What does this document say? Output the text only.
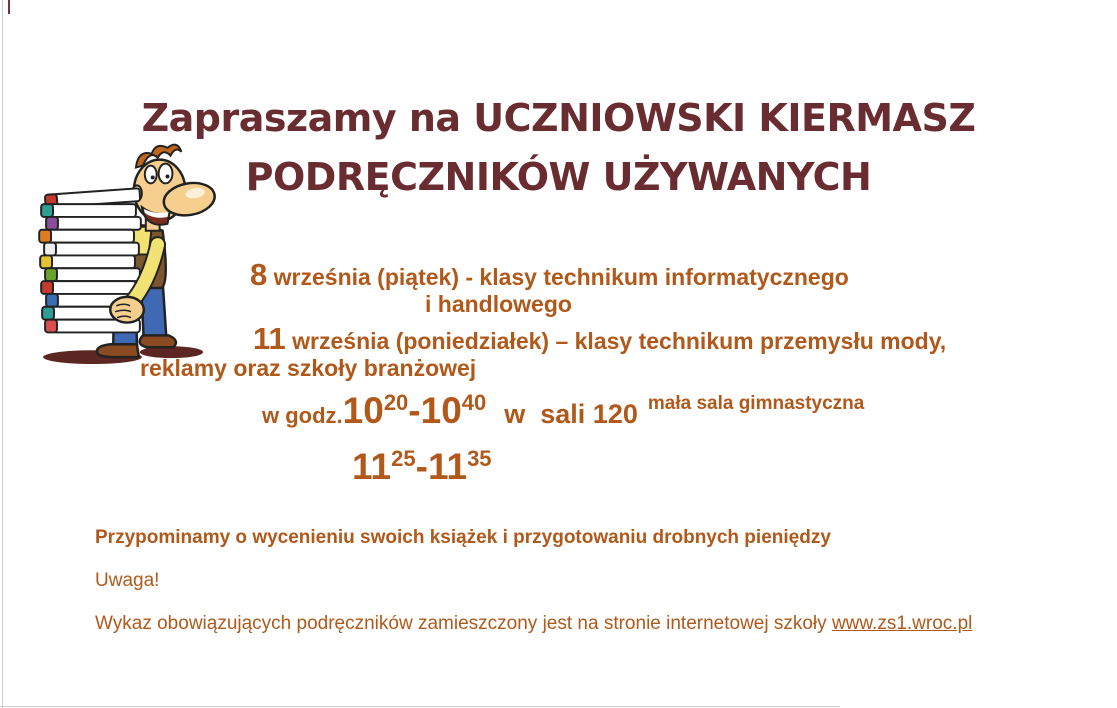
Zapraszamy na UCZNIOWSKI KIERMASZ
PODRĘCZNIKÓW UŻYWANYCH
8 września (piątek) - klasy technikum informatycznego
i handlowego
11 września (poniedziałek) – klasy technikum przemysłu mody,
reklamy oraz szkoły branżowej
w godz.1020-1040 w  sali 120 mała sala gimnastyczna
1125-1135
Przypominamy o wycenieniu swoich książek i przygotowaniu drobnych pieniędzy
Uwaga!
Wykaz obowiązujących podręczników zamieszczony jest na stronie internetowej szkoły www.zs1.wroc.pl
